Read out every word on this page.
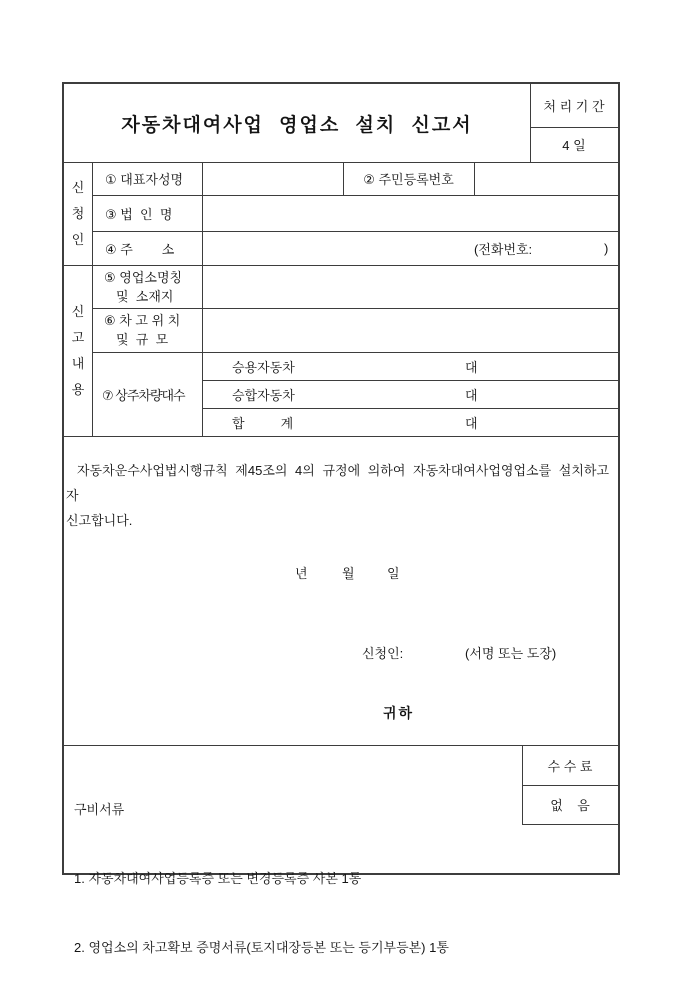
자동차대여사업 영업소 설치 신고서
처 리 기 간
4 일
신
청
인
신
고
내
용
① 대표자성명	② 주민등록번호
③ 법  인  명
④ 주        소	(전화번호:	)
⑤ 영업소명칭
및  소재지
⑥ 차 고 위 치
및  규  모
⑦ 상주차량대수
승용자동차	대
승합자동차	대
합          계	대
자동차운수사업법시행규칙 제45조의 4의 규정에 의하여 자동차대여사업영업소를 설치하고자
신고합니다.
년	월 일
신청인:	(서명 또는 도장)
귀하

구비서류

1. 자동차대여사업등록증 또는 변경등록증 사본 1통

2. 영업소의 차고확보 증명서류(토지대장등본 또는 등기부등본) 1통

수 수 료
없    음
